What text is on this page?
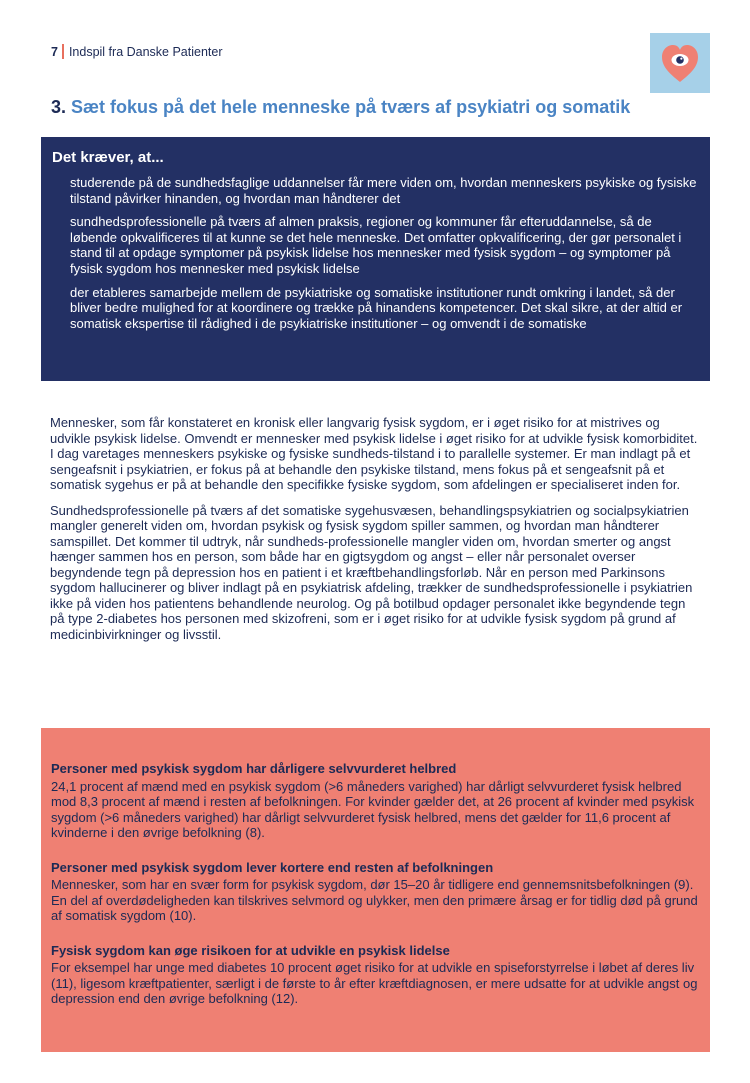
7 Indspil fra Danske Patienter
3. Sæt fokus på det hele menneske på tværs af psykiatri og somatik
Det kræver, at...
studerende på de sundhedsfaglige uddannelser får mere viden om, hvordan menneskers psykiske og fysiske tilstand påvirker hinanden, og hvordan man håndterer det
sundhedsprofessionelle på tværs af almen praksis, regioner og kommuner får efteruddannelse, så de løbende opkvalificeres til at kunne se det hele menneske. Det omfatter opkvalificering, der gør personalet i stand til at opdage symptomer på psykisk lidelse hos mennesker med fysisk sygdom – og symptomer på fysisk sygdom hos mennesker med psykisk lidelse
der etableres samarbejde mellem de psykiatriske og somatiske institutioner rundt omkring i landet, så der bliver bedre mulighed for at koordinere og trække på hinandens kompetencer. Det skal sikre, at der altid er somatisk ekspertise til rådighed i de psykiatriske institutioner – og omvendt i de somatiske

Mennesker, som får konstateret en kronisk eller langvarig fysisk sygdom, er i øget risiko for at mistrives og udvikle psykisk lidelse. Omvendt er mennesker med psykisk lidelse i øget risiko for at udvikle fysisk komorbiditet. I dag varetages menneskers psykiske og fysiske sundheds-tilstand i to parallelle systemer. Er man indlagt på et sengeafsnit i psykiatrien, er fokus på at behandle den psykiske tilstand, mens fokus på et sengeafsnit på et somatisk sygehus er på at behandle den specifikke fysiske sygdom, som afdelingen er specialiseret inden for.

Sundhedsprofessionelle på tværs af det somatiske sygehusvæsen, behandlingspsykiatrien og socialpsykiatrien mangler generelt viden om, hvordan psykisk og fysisk sygdom spiller sammen, og hvordan man håndterer samspillet. Det kommer til udtryk, når sundheds-professionelle mangler viden om, hvordan smerter og angst hænger sammen hos en person, som både har en gigtsygdom og angst – eller når personalet overser begyndende tegn på depression hos en patient i et kræftbehandlingsforløb. Når en person med Parkinsons sygdom hallucinerer og bliver indlagt på en psykiatrisk afdeling, trækker de sundhedsprofessionelle i psykiatrien ikke på viden hos patientens behandlende neurolog. Og på botilbud opdager personalet ikke begyndende tegn på type 2-diabetes hos personen med skizofreni, som er i øget risiko for at udvikle fysisk sygdom på grund af medicinbivirkninger og livsstil.

Personer med psykisk sygdom har dårligere selvvurderet helbred

24,1 procent af mænd med en psykisk sygdom (>6 måneders varighed) har dårligt selvvurderet fysisk helbred mod 8,3 procent af mænd i resten af befolkningen. For kvinder gælder det, at 26 procent af kvinder med psykisk sygdom (>6 måneders varighed) har dårligt selvvurderet fysisk helbred, mens det gælder for 11,6 procent af kvinderne i den øvrige befolkning (8).

Personer med psykisk sygdom lever kortere end resten af befolkningen

Mennesker, som har en svær form for psykisk sygdom, dør 15–20 år tidligere end gennemsnitsbefolkningen (9). En del af overdødeligheden kan tilskrives selvmord og ulykker, men den primære årsag er for tidlig død på grund af somatisk sygdom (10).

Fysisk sygdom kan øge risikoen for at udvikle en psykisk lidelse

For eksempel har unge med diabetes 10 procent øget risiko for at udvikle en spiseforstyrrelse i løbet af deres liv (11), ligesom kræftpatienter, særligt i de første to år efter kræftdiagnosen, er mere udsatte for at udvikle angst og depression end den øvrige befolkning (12).
